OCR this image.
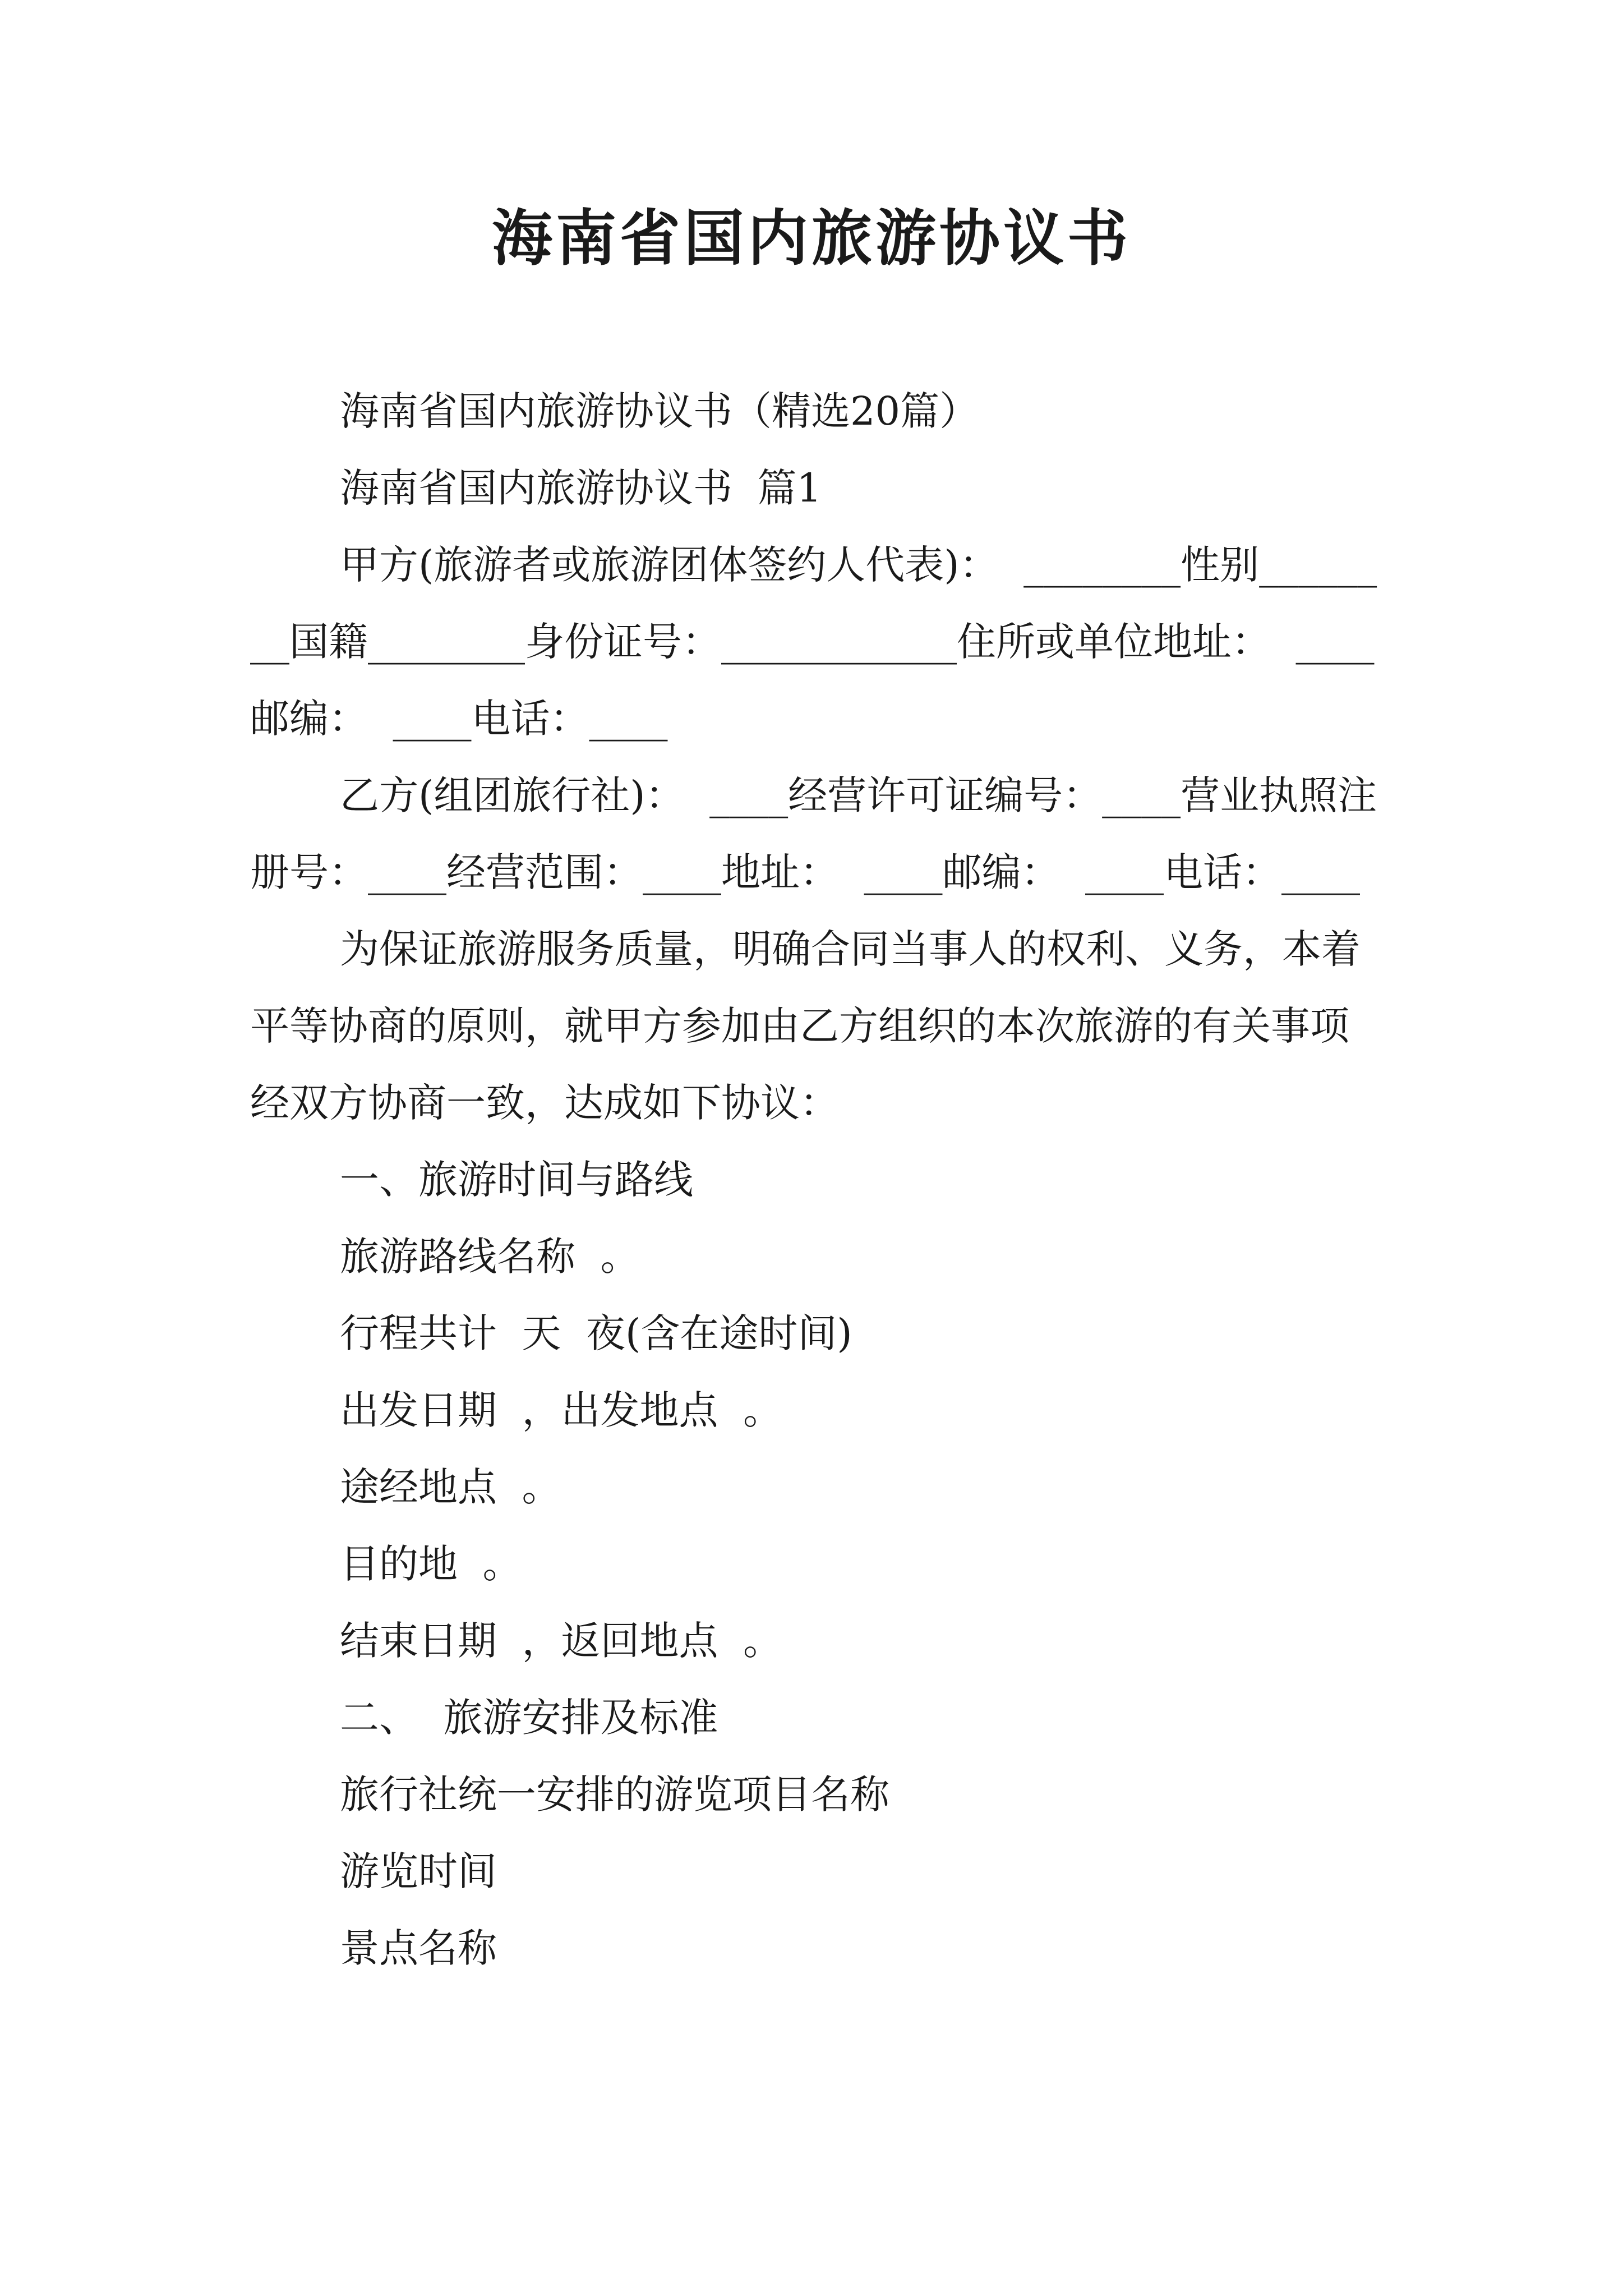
海南省国内旅游协议书

海南省国内旅游协议书（精选20篇）

海南省国内旅游协议书  篇1

甲方(旅游者或旅游团体签约人代表)：  ________性别________国籍________身份证号：____________住所或单位地址：  ____邮编：  ____电话：____

乙方(组团旅行社)：  ____经营许可证编号：____营业执照注册号：____经营范围：____地址：  ____邮编：  ____电话：____

为保证旅游服务质量，明确合同当事人的权利、义务，本着平等协商的原则，就甲方参加由乙方组织的本次旅游的有关事项经双方协商一致，达成如下协议：

一、旅游时间与路线

旅游路线名称  。

行程共计  天  夜(含在途时间)

出发日期  ，出发地点  。

途经地点  。

目的地  。

结束日期  ，返回地点  。

二、  旅游安排及标准

旅行社统一安排的游览项目名称

游览时间

景点名称
